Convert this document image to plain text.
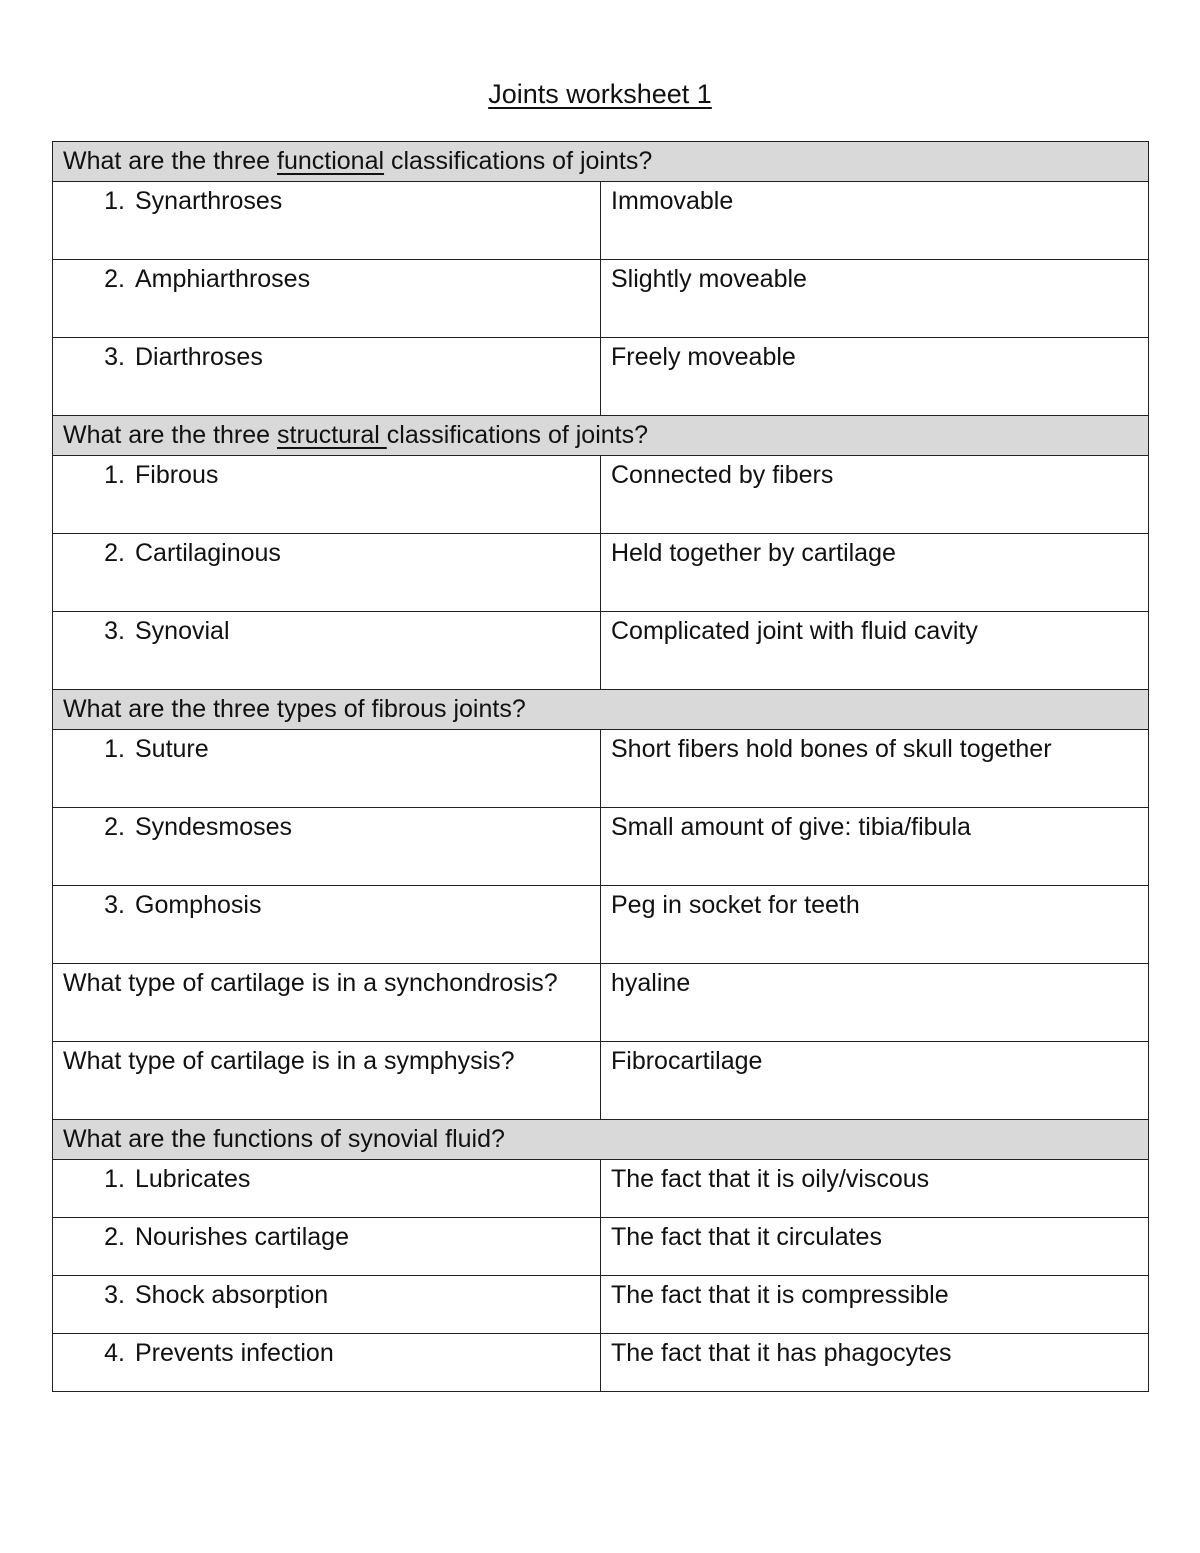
Joints worksheet 1
What are the three functional classifications of joints?	
1. Synarthroses	Immovable
2. Amphiarthroses	Slightly moveable
3. Diarthroses	Freely moveable
What are the three structural classifications of joints?	
1. Fibrous	Connected by fibers
2. Cartilaginous	Held together by cartilage
3. Synovial	Complicated joint with fluid cavity
What are the three types of fibrous joints?	
1. Suture	Short fibers hold bones of skull together
2. Syndesmoses	Small amount of give: tibia/fibula
3. Gomphosis	Peg in socket for teeth
What type of cartilage is in a synchondrosis?	hyaline
What type of cartilage is in a symphysis?	Fibrocartilage
What are the functions of synovial fluid?	
1. Lubricates	The fact that it is oily/viscous
2. Nourishes cartilage	The fact that it circulates
3. Shock absorption	The fact that it is compressible
4. Prevents infection	The fact that it has phagocytes
